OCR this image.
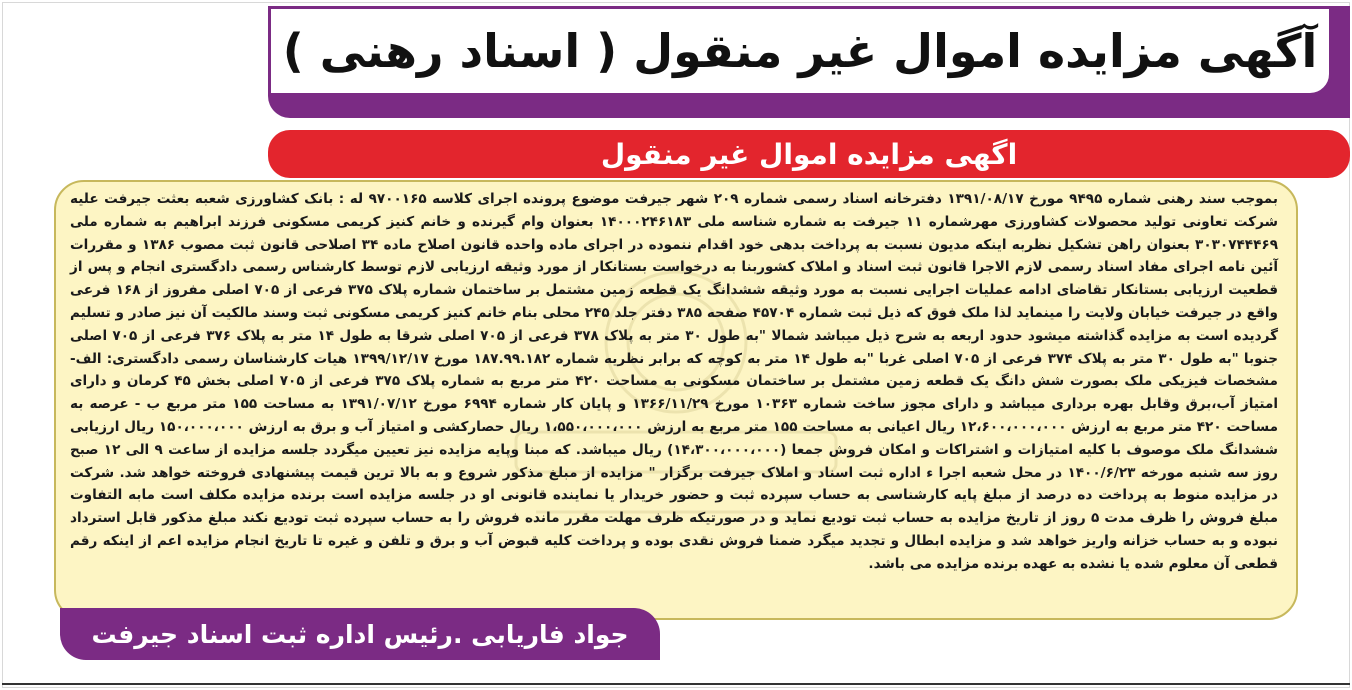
آگهی مزایده اموال غیر منقول ( اسناد رهنی )
اگهی مزایده اموال غیر منقول

بموجب سند رهنی شماره ۹۴۹۵ مورخ ۱۳۹۱/۰۸/۱۷ دفترخانه اسناد رسمی شماره ۲۰۹ شهر جیرفت موضوع پرونده اجرای کلاسه ۹۷۰۰۱۶۵ له : بانک کشاورزی شعبه بعثت جیرفت علیه شرکت تعاونی تولید محصولات کشاورزی مهرشماره ۱۱ جیرفت به شماره شناسه ملی ۱۴۰۰۰۲۴۶۱۸۳ بعنوان وام گیرنده و خانم کنیز کریمی مسکونی فرزند ابراهیم به شماره ملی ۳۰۳۰۷۴۴۴۶۹ بعنوان راهن تشکیل نظربه اینکه مدیون نسبت به پرداخت بدهی خود اقدام ننموده در اجرای ماده واحده قانون اصلاح ماده ۳۴ اصلاحی قانون ثبت مصوب ۱۳۸۶ و مقررات آئین نامه اجرای مفاد اسناد رسمی لازم الاجرا قانون ثبت اسناد و املاک کشوربنا به درخواست بستانکار از مورد وثیقه ارزیابی لازم توسط کارشناس رسمی دادگستری انجام و پس از قطعیت ارزیابی بستانکار تقاضای ادامه عملیات اجرایی نسبت به مورد وثیقه ششدانگ یک قطعه زمین مشتمل بر ساختمان شماره پلاک ۳۷۵ فرعی از ۷۰۵ اصلی مفروز از ۱۶۸ فرعی واقع در جیرفت خیابان ولایت را مینماید لذا ملک فوق که ذیل ثبت شماره ۴۵۷۰۴ صفحه ۳۸۵ دفتر جلد ۲۴۵ محلی بنام خانم کنیز کریمی مسکونی ثبت وسند مالکیت آن نیز صادر و تسلیم گردیده است به مزایده گذاشته میشود حدود اربعه به شرح ذیل میباشد شمالا "به طول ۳۰ متر به پلاک ۳۷۸ فرعی از ۷۰۵ اصلی شرقا به طول ۱۴ متر به پلاک ۳۷۶ فرعی از ۷۰۵ اصلی جنوبا "به طول ۳۰ متر به پلاک ۳۷۴ فرعی از ۷۰۵ اصلی غربا "به طول ۱۴ متر به کوچه که برابر نظریه شماره ۱۸۷.۹۹.۱۸۲ مورخ ۱۳۹۹/۱۲/۱۷ هیات کارشناسان رسمی دادگستری: الف- مشخصات فیزیکی ملک بصورت شش دانگ یک قطعه زمین مشتمل بر ساختمان مسکونی به مساحت ۴۲۰ متر مربع به شماره پلاک ۳۷۵ فرعی از ۷۰۵ اصلی بخش ۴۵ کرمان و دارای امتیاز آب،برق وقابل بهره برداری میباشد و دارای مجوز ساخت شماره ۱۰۳۶۳ مورخ ۱۳۶۶/۱۱/۲۹ و پایان کار شماره ۶۹۹۴ مورخ ۱۳۹۱/۰۷/۱۲ به مساحت ۱۵۵ متر مربع ب - عرصه به مساحت ۴۲۰ متر مربع به ارزش ۱۲،۶۰۰،۰۰۰،۰۰۰ ریال اعیانی به مساحت ۱۵۵ متر مربع به ارزش ۱،۵۵۰،۰۰۰،۰۰۰ ریال حصارکشی و امتیاز آب و برق به ارزش ۱۵۰،۰۰۰،۰۰۰ ریال ارزیابی ششدانگ ملک موصوف با کلیه امتیازات و اشتراکات و امکان فروش جمعا (۱۴،۳۰۰،۰۰۰،۰۰۰) ریال میباشد. که مبنا وپایه مزایده نیز تعیین میگردد جلسه مزایده از ساعت ۹ الی ۱۲ صبح روز سه شنبه مورخه ۱۴۰۰/۶/۲۳ در محل شعبه اجرا ء اداره ثبت اسناد و املاک جیرفت برگزار " مزایده از مبلغ مذکور شروع و به بالا ترین قیمت پیشنهادی فروخته خواهد شد. شرکت در مزایده منوط به پرداخت ده درصد از مبلغ پایه کارشناسی به حساب سپرده ثبت و حضور خریدار یا نماینده قانونی او در جلسه مزایده است برنده مزایده مکلف است مابه التفاوت مبلغ فروش را ظرف مدت ۵ روز از تاریخ مزایده به حساب ثبت تودیع نماید و در صورتیکه ظرف مهلت مقرر مانده فروش را به حساب سپرده ثبت تودیع نکند مبلغ مذکور قابل استرداد نبوده و به حساب خزانه واریز خواهد شد و مزایده ابطال و تجدید میگرد ضمنا فروش نقدی بوده و پرداخت کلیه قبوض آب و برق و تلفن و غیره تا تاریخ انجام مزایده اعم از اینکه رقم قطعی آن معلوم شده یا نشده به عهده برنده مزایده می باشد.

جواد فاریابی .رئیس اداره ثبت اسناد جیرفت
